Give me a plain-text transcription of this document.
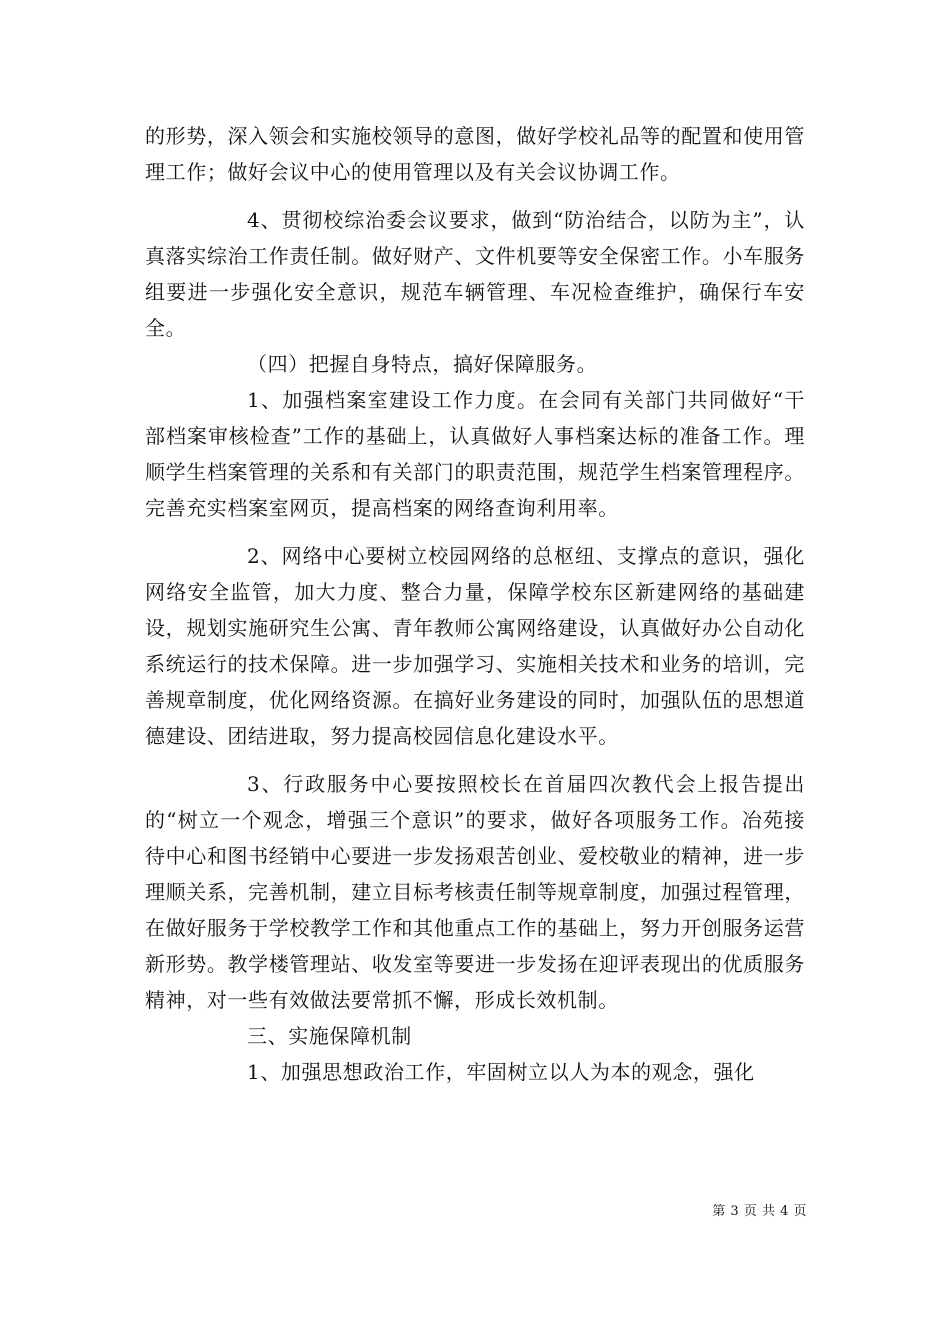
的形势，深入领会和实施校领导的意图，做好学校礼品等的配置和使用管理工作；做好会议中心的使用管理以及有关会议协调工作。

4、贯彻校综治委会议要求，做到“防治结合，以防为主”，认真落实综治工作责任制。做好财产、文件机要等安全保密工作。小车服务组要进一步强化安全意识，规范车辆管理、车况检查维护，确保行车安全。

（四）把握自身特点，搞好保障服务。

1、加强档案室建设工作力度。在会同有关部门共同做好“干部档案审核检查”工作的基础上，认真做好人事档案达标的准备工作。理顺学生档案管理的关系和有关部门的职责范围，规范学生档案管理程序。完善充实档案室网页，提高档案的网络查询利用率。

2、网络中心要树立校园网络的总枢纽、支撑点的意识，强化网络安全监管，加大力度、整合力量，保障学校东区新建网络的基础建设，规划实施研究生公寓、青年教师公寓网络建设，认真做好办公自动化系统运行的技术保障。进一步加强学习、实施相关技术和业务的培训，完善规章制度，优化网络资源。在搞好业务建设的同时，加强队伍的思想道德建设、团结进取，努力提高校园信息化建设水平。

3、行政服务中心要按照校长在首届四次教代会上报告提出的“树立一个观念，增强三个意识”的要求，做好各项服务工作。冶苑接待中心和图书经销中心要进一步发扬艰苦创业、爱校敬业的精神，进一步理顺关系，完善机制，建立目标考核责任制等规章制度，加强过程管理，在做好服务于学校教学工作和其他重点工作的基础上，努力开创服务运营新形势。教学楼管理站、收发室等要进一步发扬在迎评表现出的优质服务精神，对一些有效做法要常抓不懈，形成长效机制。

三、实施保障机制

1、加强思想政治工作，牢固树立以人为本的观念，强化

第 3 页 共 4 页
